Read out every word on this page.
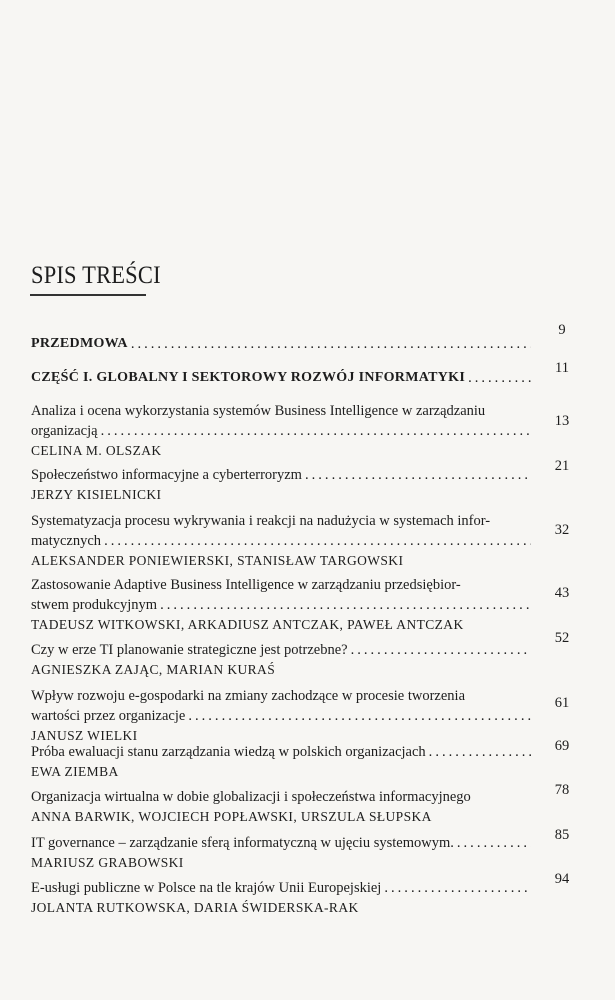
SPIS TREŚCI
PRZEDMOWA
. . .
9
CZĘŚĆ I. GLOBALNY I SEKTOROWY ROZWÓJ INFORMATYKI
. . .
11
Analiza i ocena wykorzystania systemów Business Intelligence w zarządzaniu
organizacją
. . .
CELINA M. OLSZAK
13
Społeczeństwo informacyjne a cyberterroryzm
. . .
JERZY KISIELNICKI
21
Systematyzacja procesu wykrywania i reakcji na nadużycia w systemach infor-
matycznych
. . .
ALEKSANDER PONIEWIERSKI, STANISŁAW TARGOWSKI
32
Zastosowanie Adaptive Business Intelligence w zarządzaniu przedsiębior-
stwem produkcyjnym
. . .
TADEUSZ WITKOWSKI, ARKADIUSZ ANTCZAK, PAWEŁ ANTCZAK
43
Czy w erze TI planowanie strategiczne jest potrzebne?
. . .
AGNIESZKA ZAJĄC, MARIAN KURAŚ
52
Wpływ rozwoju e-gospodarki na zmiany zachodzące w procesie tworzenia
wartości przez organizacje
. . .
JANUSZ WIELKI
61
Próba ewaluacji stanu zarządzania wiedzą w polskich organizacjach
. . .
EWA ZIEMBA
69
Organizacja wirtualna w dobie globalizacji i społeczeństwa informacyjnego
ANNA BARWIK, WOJCIECH POPŁAWSKI, URSZULA SŁUPSKA
78
IT governance – zarządzanie sferą informatyczną w ujęciu systemowym.
. . .
MARIUSZ GRABOWSKI
85
E-usługi publiczne w Polsce na tle krajów Unii Europejskiej
. . .
JOLANTA RUTKOWSKA, DARIA ŚWIDERSKA-RAK
94
